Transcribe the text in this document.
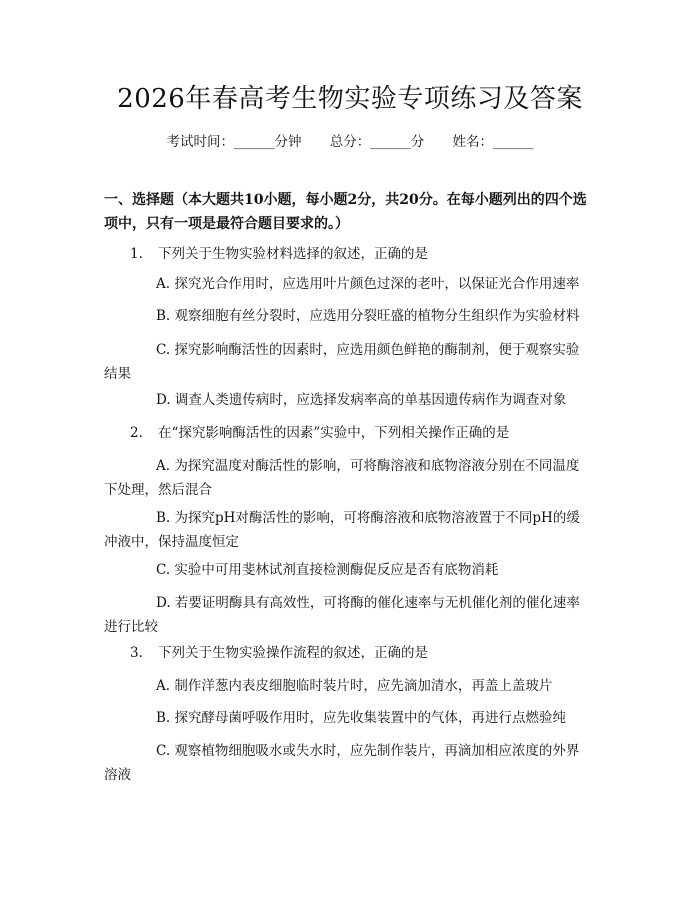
2026年春高考生物实验专项练习及答案
考试时间：______分钟 总分：______分 姓名：______
一、选择题（本大题共10小题，每小题2分，共20分。在每小题列出的四个选项中，只有一项是最符合题目要求的。）
1. 下列关于生物实验材料选择的叙述，正确的是
A. 探究光合作用时，应选用叶片颜色过深的老叶，以保证光合作用速率
B. 观察细胞有丝分裂时，应选用分裂旺盛的植物分生组织作为实验材料
C. 探究影响酶活性的因素时，应选用颜色鲜艳的酶制剂，便于观察实验结果
D. 调查人类遗传病时，应选择发病率高的单基因遗传病作为调查对象
2. 在“探究影响酶活性的因素”实验中，下列相关操作正确的是
A. 为探究温度对酶活性的影响，可将酶溶液和底物溶液分别在不同温度下处理，然后混合
B. 为探究pH对酶活性的影响，可将酶溶液和底物溶液置于不同pH的缓冲液中，保持温度恒定
C. 实验中可用斐林试剂直接检测酶促反应是否有底物消耗
D. 若要证明酶具有高效性，可将酶的催化速率与无机催化剂的催化速率进行比较
3. 下列关于生物实验操作流程的叙述，正确的是
A. 制作洋葱内表皮细胞临时装片时，应先滴加清水，再盖上盖玻片
B. 探究酵母菌呼吸作用时，应先收集装置中的气体，再进行点燃验纯
C. 观察植物细胞吸水或失水时，应先制作装片，再滴加相应浓度的外界溶液
